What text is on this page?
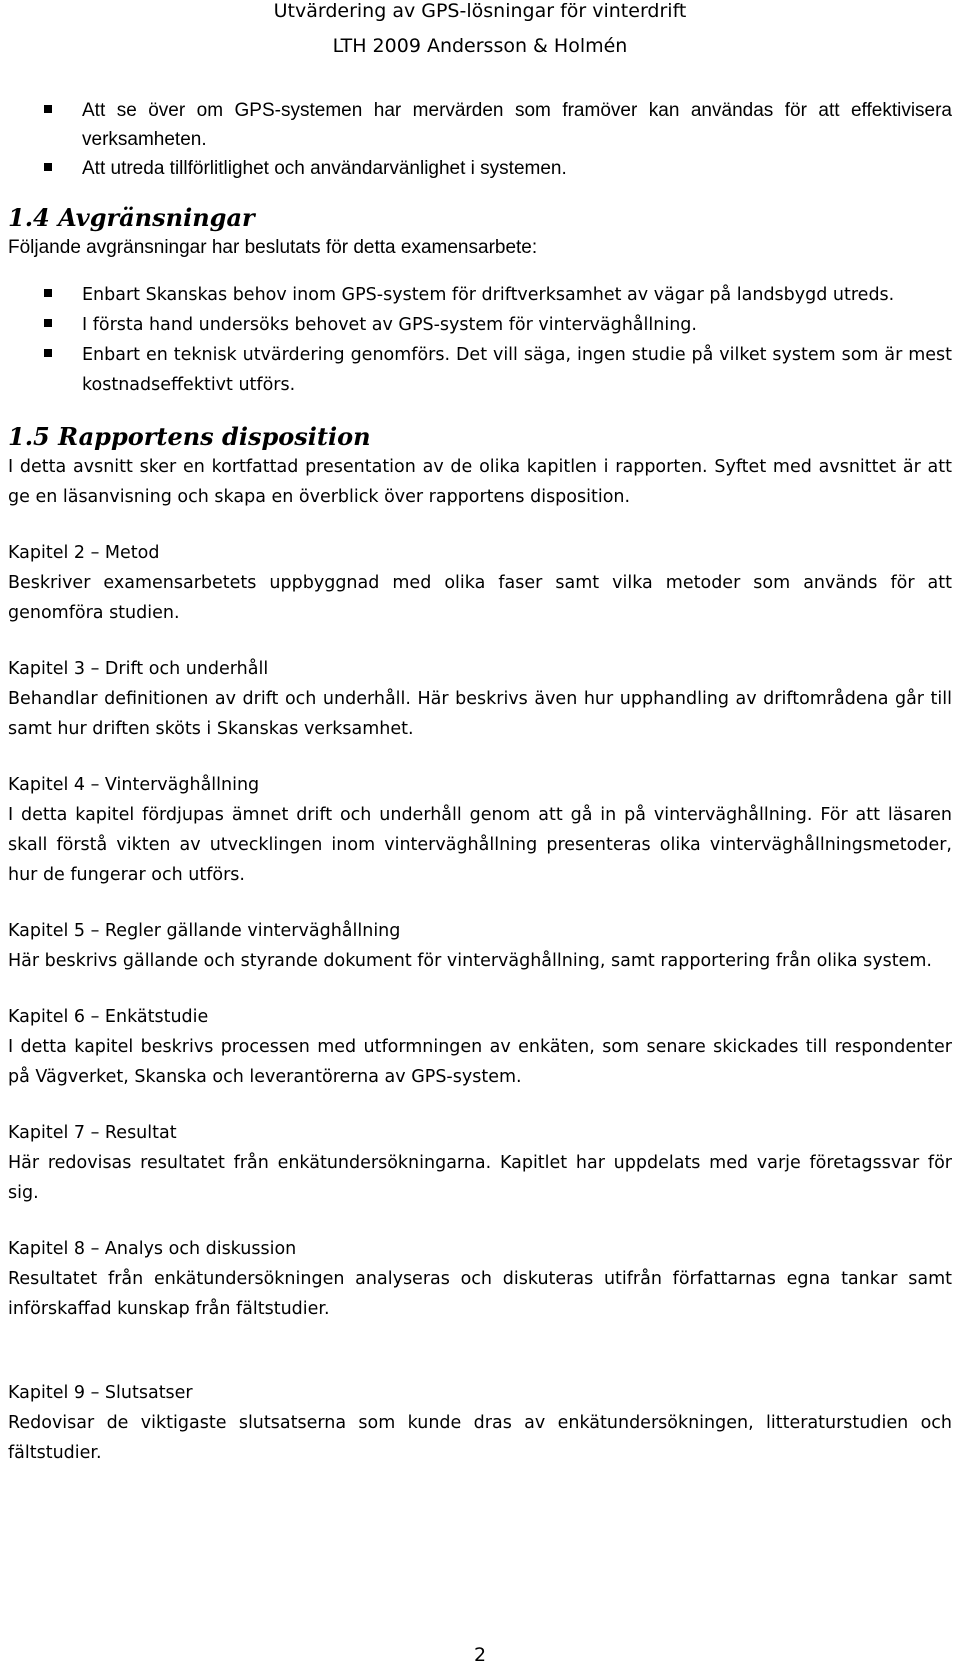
Utvärdering av GPS-lösningar för vinterdrift
LTH 2009 Andersson & Holmén
Att se över om GPS-systemen har mervärden som framöver kan användas för att effektivisera verksamheten.
Att utreda tillförlitlighet och användarvänlighet i systemen.
1.4 Avgränsningar

Följande avgränsningar har beslutats för detta examensarbete:

Enbart Skanskas behov inom GPS-system för driftverksamhet av vägar på landsbygd utreds.
I första hand undersöks behovet av GPS-system för vinterväghållning.
Enbart en teknisk utvärdering genomförs. Det vill säga, ingen studie på vilket system som är mest kostnadseffektivt utförs.
1.5 Rapportens disposition

I detta avsnitt sker en kortfattad presentation av de olika kapitlen i rapporten. Syftet med avsnittet är att ge en läsanvisning och skapa en överblick över rapportens disposition.

Kapitel 2 – Metod
Beskriver examensarbetets uppbyggnad med olika faser samt vilka metoder som används för att genomföra studien.
Kapitel 3 – Drift och underhåll
Behandlar definitionen av drift och underhåll. Här beskrivs även hur upphandling av driftområdena går till samt hur driften sköts i Skanskas verksamhet.
Kapitel 4 – Vinterväghållning
I detta kapitel fördjupas ämnet drift och underhåll genom att gå in på vinterväghållning. För att läsaren skall förstå vikten av utvecklingen inom vinterväghållning presenteras olika vinterväghållningsmetoder, hur de fungerar och utförs.
Kapitel 5 – Regler gällande vinterväghållning
Här beskrivs gällande och styrande dokument för vinterväghållning, samt rapportering från olika system.
Kapitel 6 – Enkätstudie
I detta kapitel beskrivs processen med utformningen av enkäten, som senare skickades till respondenter på Vägverket, Skanska och leverantörerna av GPS-system.
Kapitel 7 – Resultat
Här redovisas resultatet från enkätundersökningarna. Kapitlet har uppdelats med varje företagssvar för sig.
Kapitel 8 – Analys och diskussion
Resultatet från enkätundersökningen analyseras och diskuteras utifrån författarnas egna tankar samt införskaffad kunskap från fältstudier.
Kapitel 9 – Slutsatser
Redovisar de viktigaste slutsatserna som kunde dras av enkätundersökningen, litteraturstudien och fältstudier.
2
